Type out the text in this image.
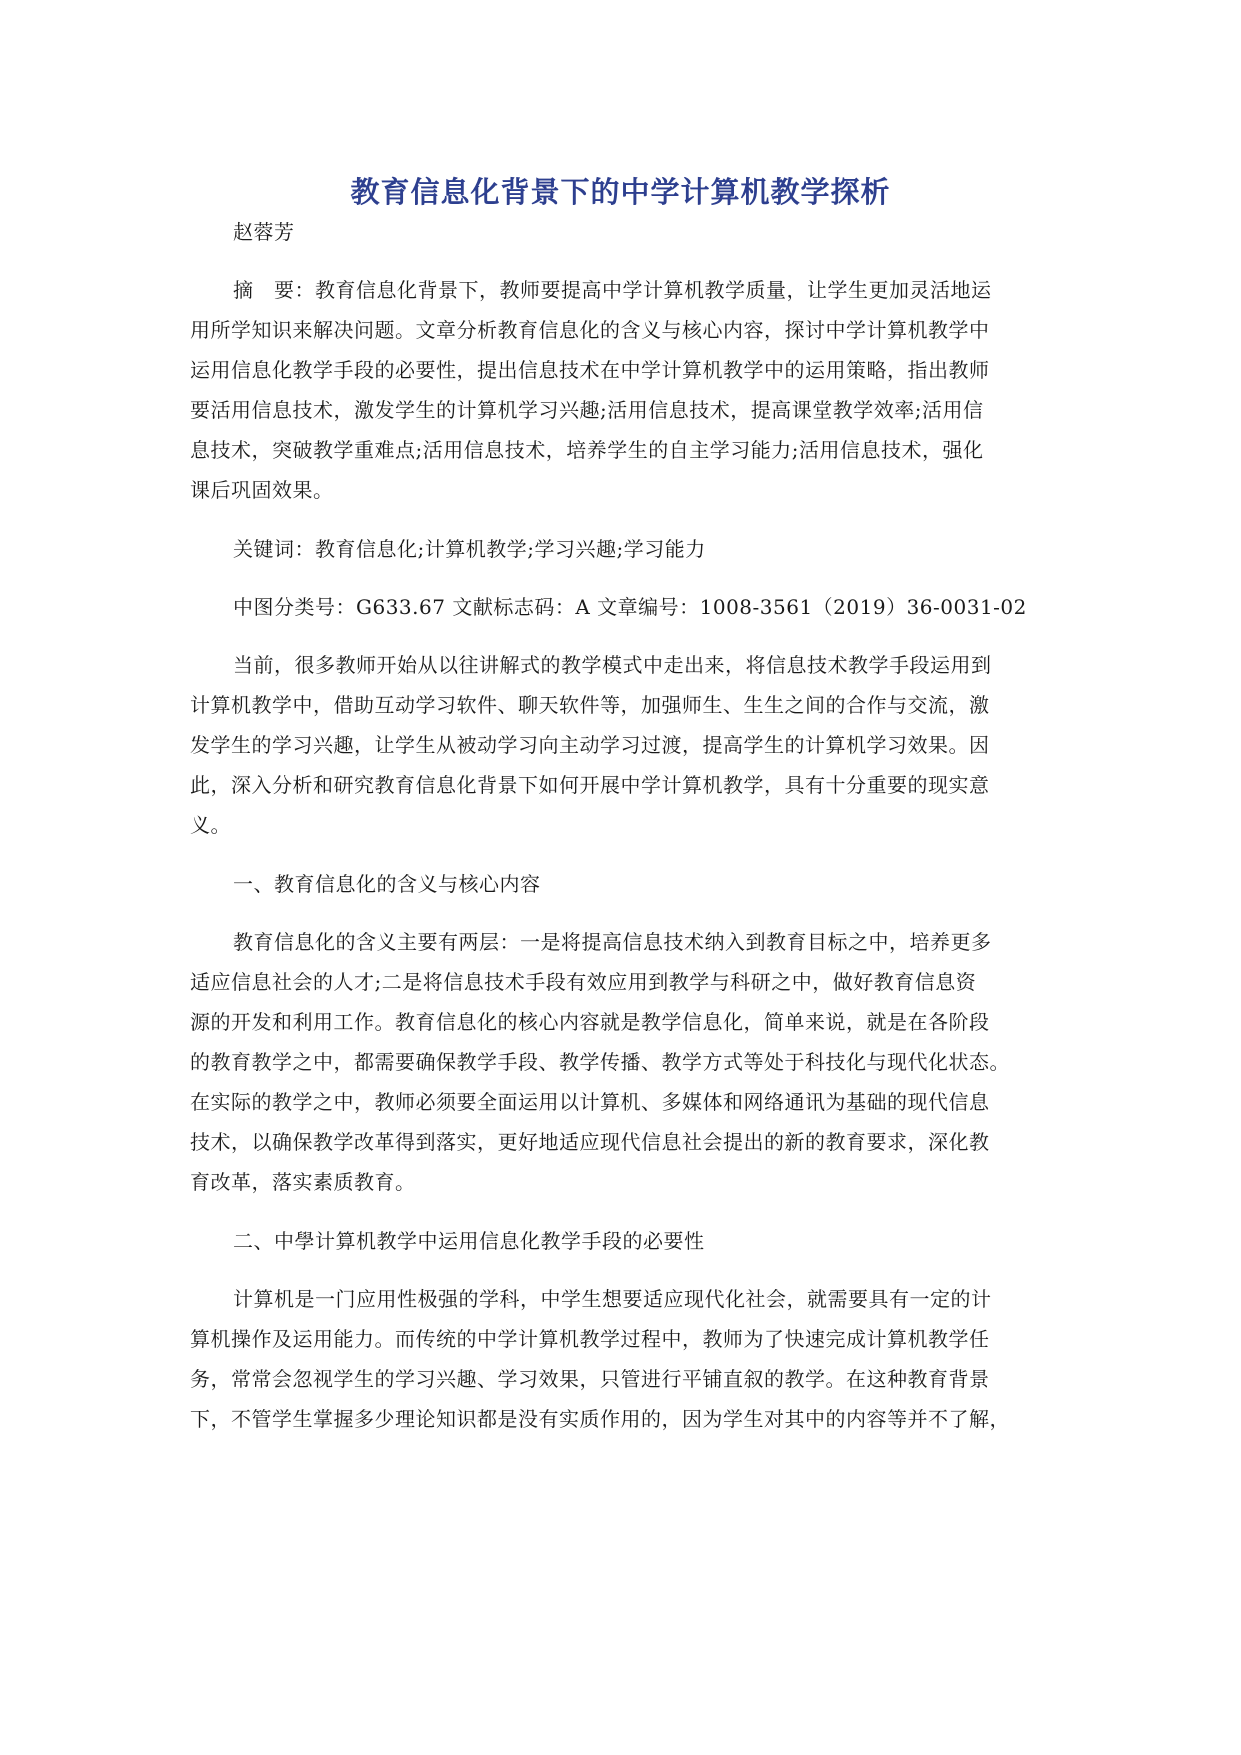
教育信息化背景下的中学计算机教学探析
赵蓉芳
摘　要：教育信息化背景下，教师要提高中学计算机教学质量，让学生更加灵活地运
用所学知识来解决问题。文章分析教育信息化的含义与核心内容，探讨中学计算机教学中
运用信息化教学手段的必要性，提出信息技术在中学计算机教学中的运用策略，指出教师
要活用信息技术，激发学生的计算机学习兴趣;活用信息技术，提高课堂教学效率;活用信
息技术，突破教学重难点;活用信息技术，培养学生的自主学习能力;活用信息技术，强化
课后巩固效果。
关键词：教育信息化;计算机教学;学习兴趣;学习能力
中图分类号：G633.67 文献标志码：A 文章编号：1008-3561（2019）36-0031-02
当前，很多教师开始从以往讲解式的教学模式中走出来，将信息技术教学手段运用到
计算机教学中，借助互动学习软件、聊天软件等，加强师生、生生之间的合作与交流，激
发学生的学习兴趣，让学生从被动学习向主动学习过渡，提高学生的计算机学习效果。因
此，深入分析和研究教育信息化背景下如何开展中学计算机教学，具有十分重要的现实意
义。
一、教育信息化的含义与核心内容
教育信息化的含义主要有两层：一是将提高信息技术纳入到教育目标之中，培养更多
适应信息社会的人才;二是将信息技术手段有效应用到教学与科研之中，做好教育信息资
源的开发和利用工作。教育信息化的核心内容就是教学信息化，简单来说，就是在各阶段
的教育教学之中，都需要确保教学手段、教学传播、教学方式等处于科技化与现代化状态。
在实际的教学之中，教师必须要全面运用以计算机、多媒体和网络通讯为基础的现代信息
技术，以确保教学改革得到落实，更好地适应现代信息社会提出的新的教育要求，深化教
育改革，落实素质教育。
二、中學计算机教学中运用信息化教学手段的必要性
计算机是一门应用性极强的学科，中学生想要适应现代化社会，就需要具有一定的计
算机操作及运用能力。而传统的中学计算机教学过程中，教师为了快速完成计算机教学任
务，常常会忽视学生的学习兴趣、学习效果，只管进行平铺直叙的教学。在这种教育背景
下，不管学生掌握多少理论知识都是没有实质作用的，因为学生对其中的内容等并不了解，
